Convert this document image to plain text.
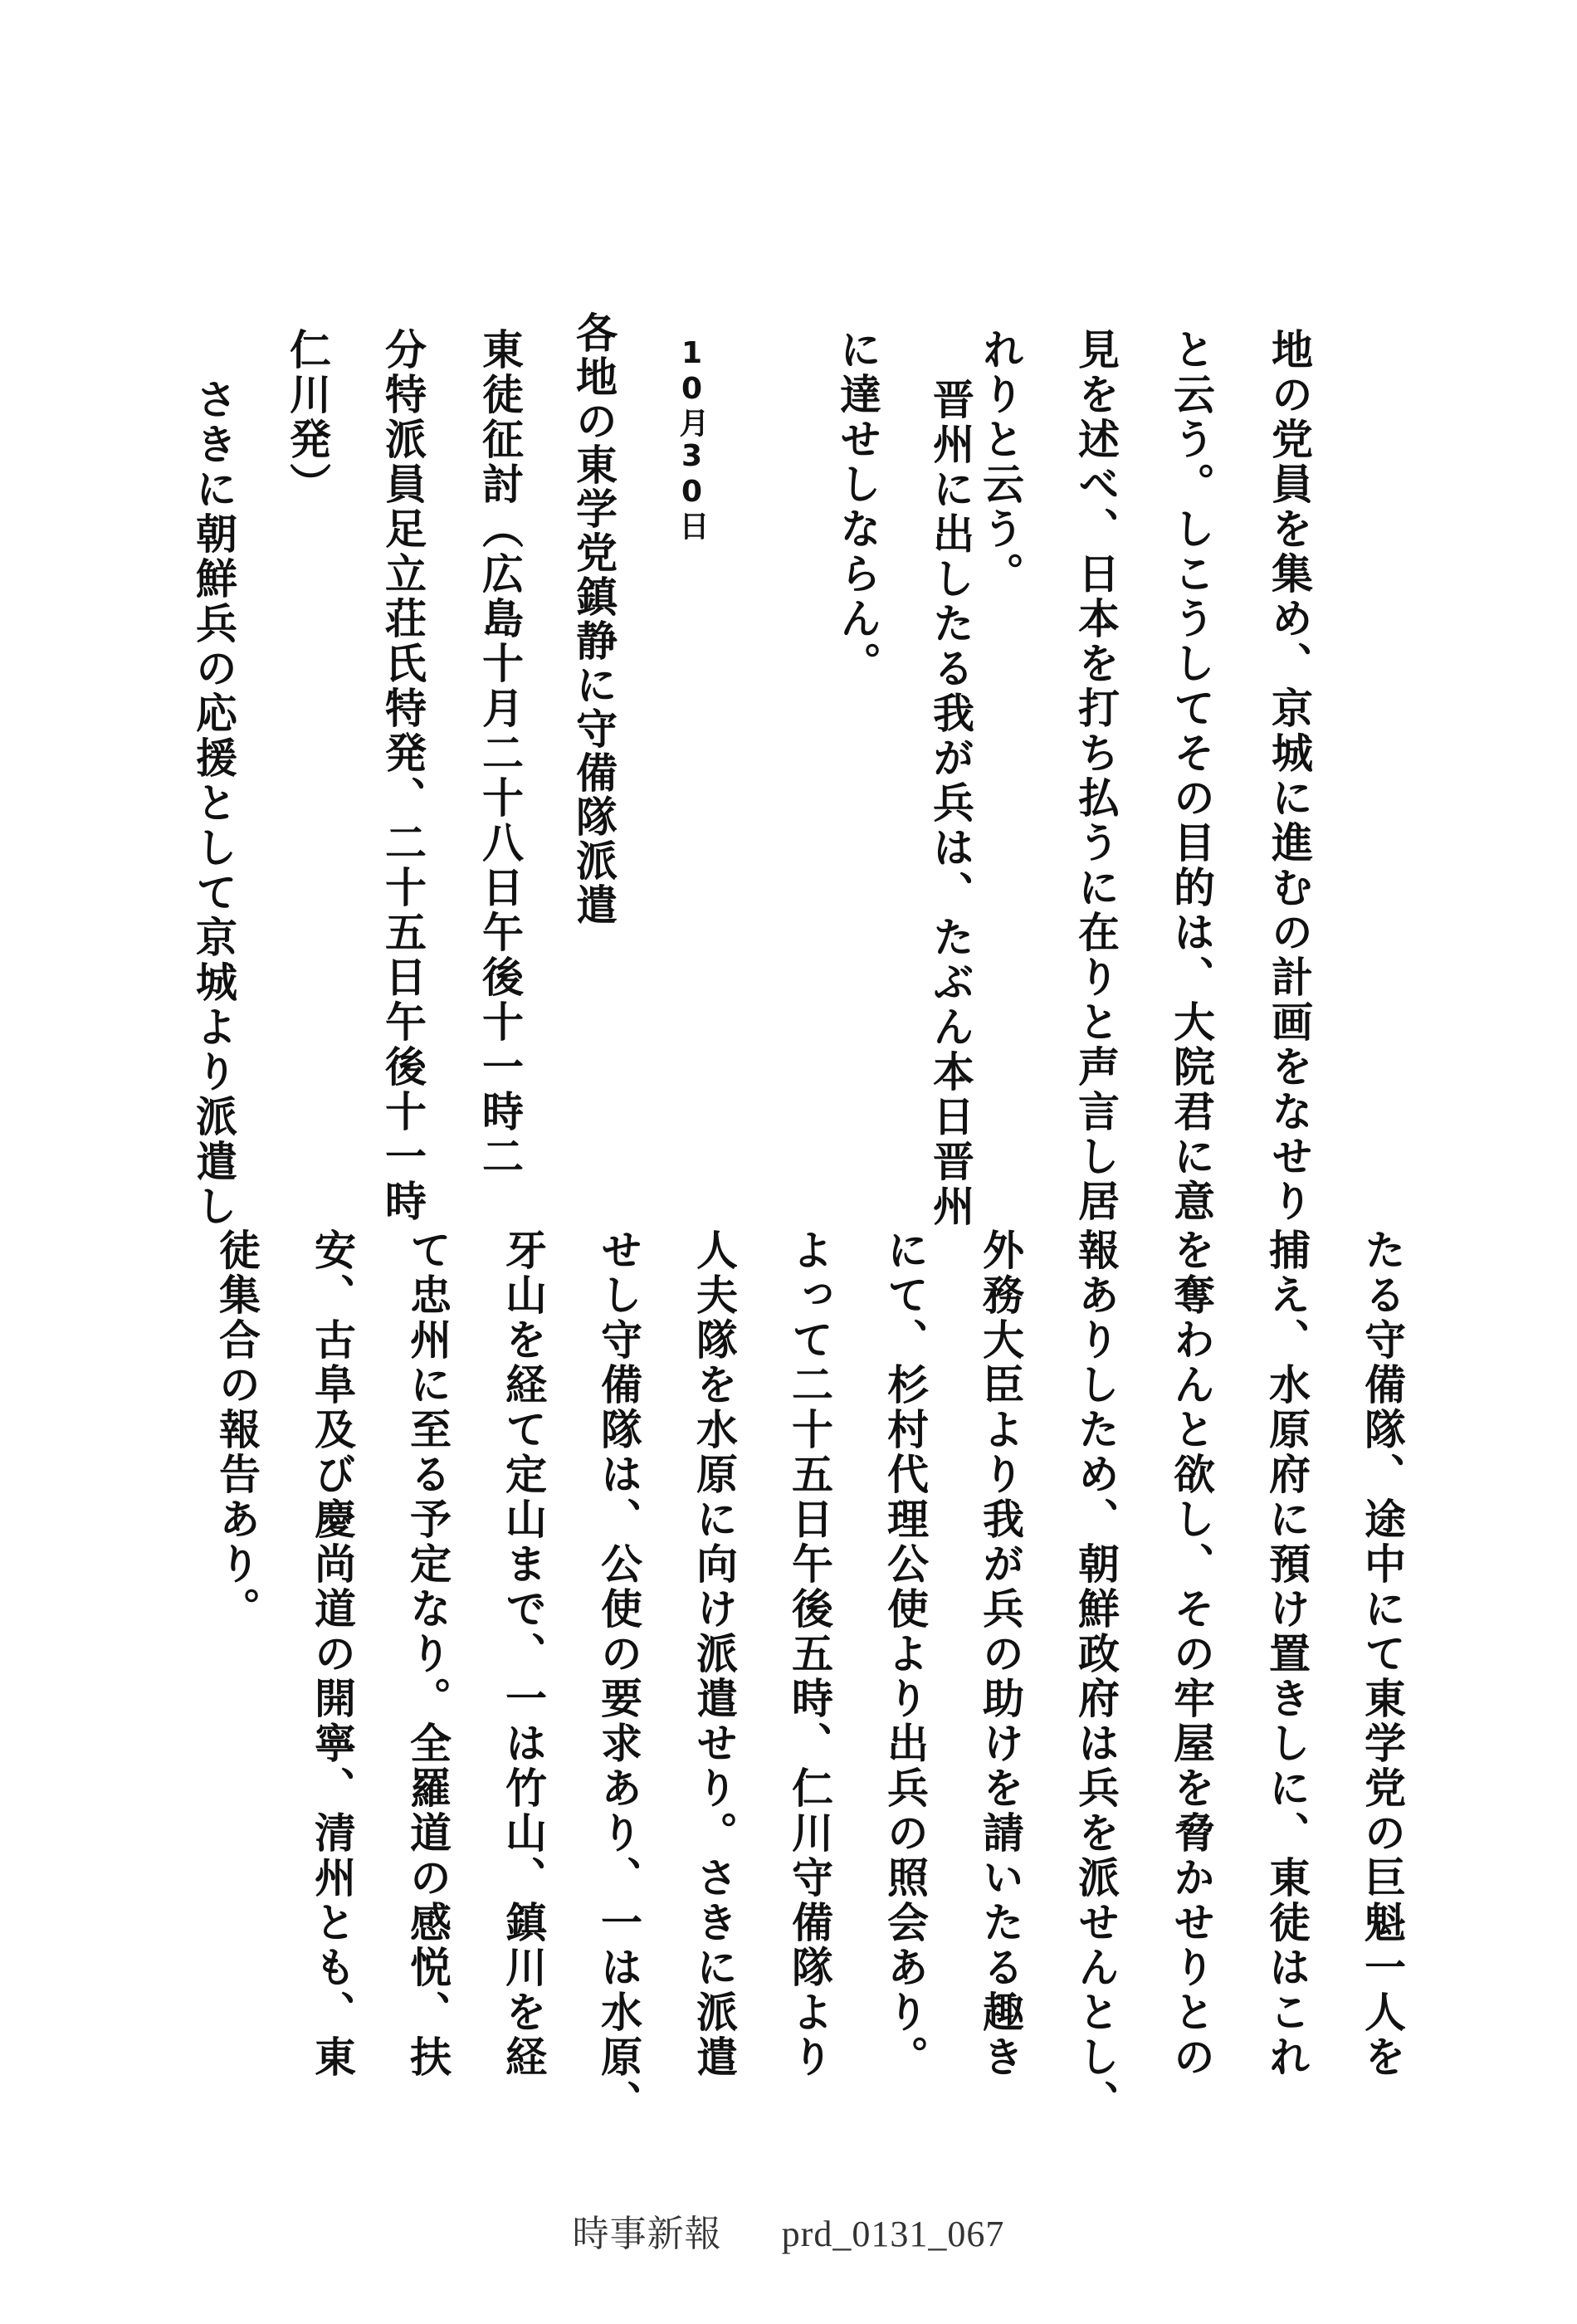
地の党員を集め、京城に進むの計画をなせり
と云う。しこうしてその目的は、大院君に意
見を述べ、日本を打ち払うに在りと声言し居
れりと云う。
晋州に出したる我が兵は、たぶん本日晋州
に達せしならん。
10月30日
各地の東学党鎮静に守備隊派遣
東徒征討（広島十月二十八日午後十一時二
分特派員足立荘氏特発、二十五日午後十一時
仁川発）
さきに朝鮮兵の応援として京城より派遣し
たる守備隊、途中にて東学党の巨魁一人を
捕え、水原府に預け置きしに、東徒はこれ
を奪わんと欲し、その牢屋を脅かせりとの
報ありしため、朝鮮政府は兵を派せんとし、
外務大臣より我が兵の助けを請いたる趣き
にて、杉村代理公使より出兵の照会あり。
よって二十五日午後五時、仁川守備隊より
人夫隊を水原に向け派遣せり。さきに派遣
せし守備隊は、公使の要求あり、一は水原、
牙山を経て定山まで、一は竹山、鎮川を経
て忠州に至る予定なり。全羅道の感悦、扶
安、古阜及び慶尚道の開寧、清州とも、東
徒集合の報告あり。
時事新報 prd_0131_067
